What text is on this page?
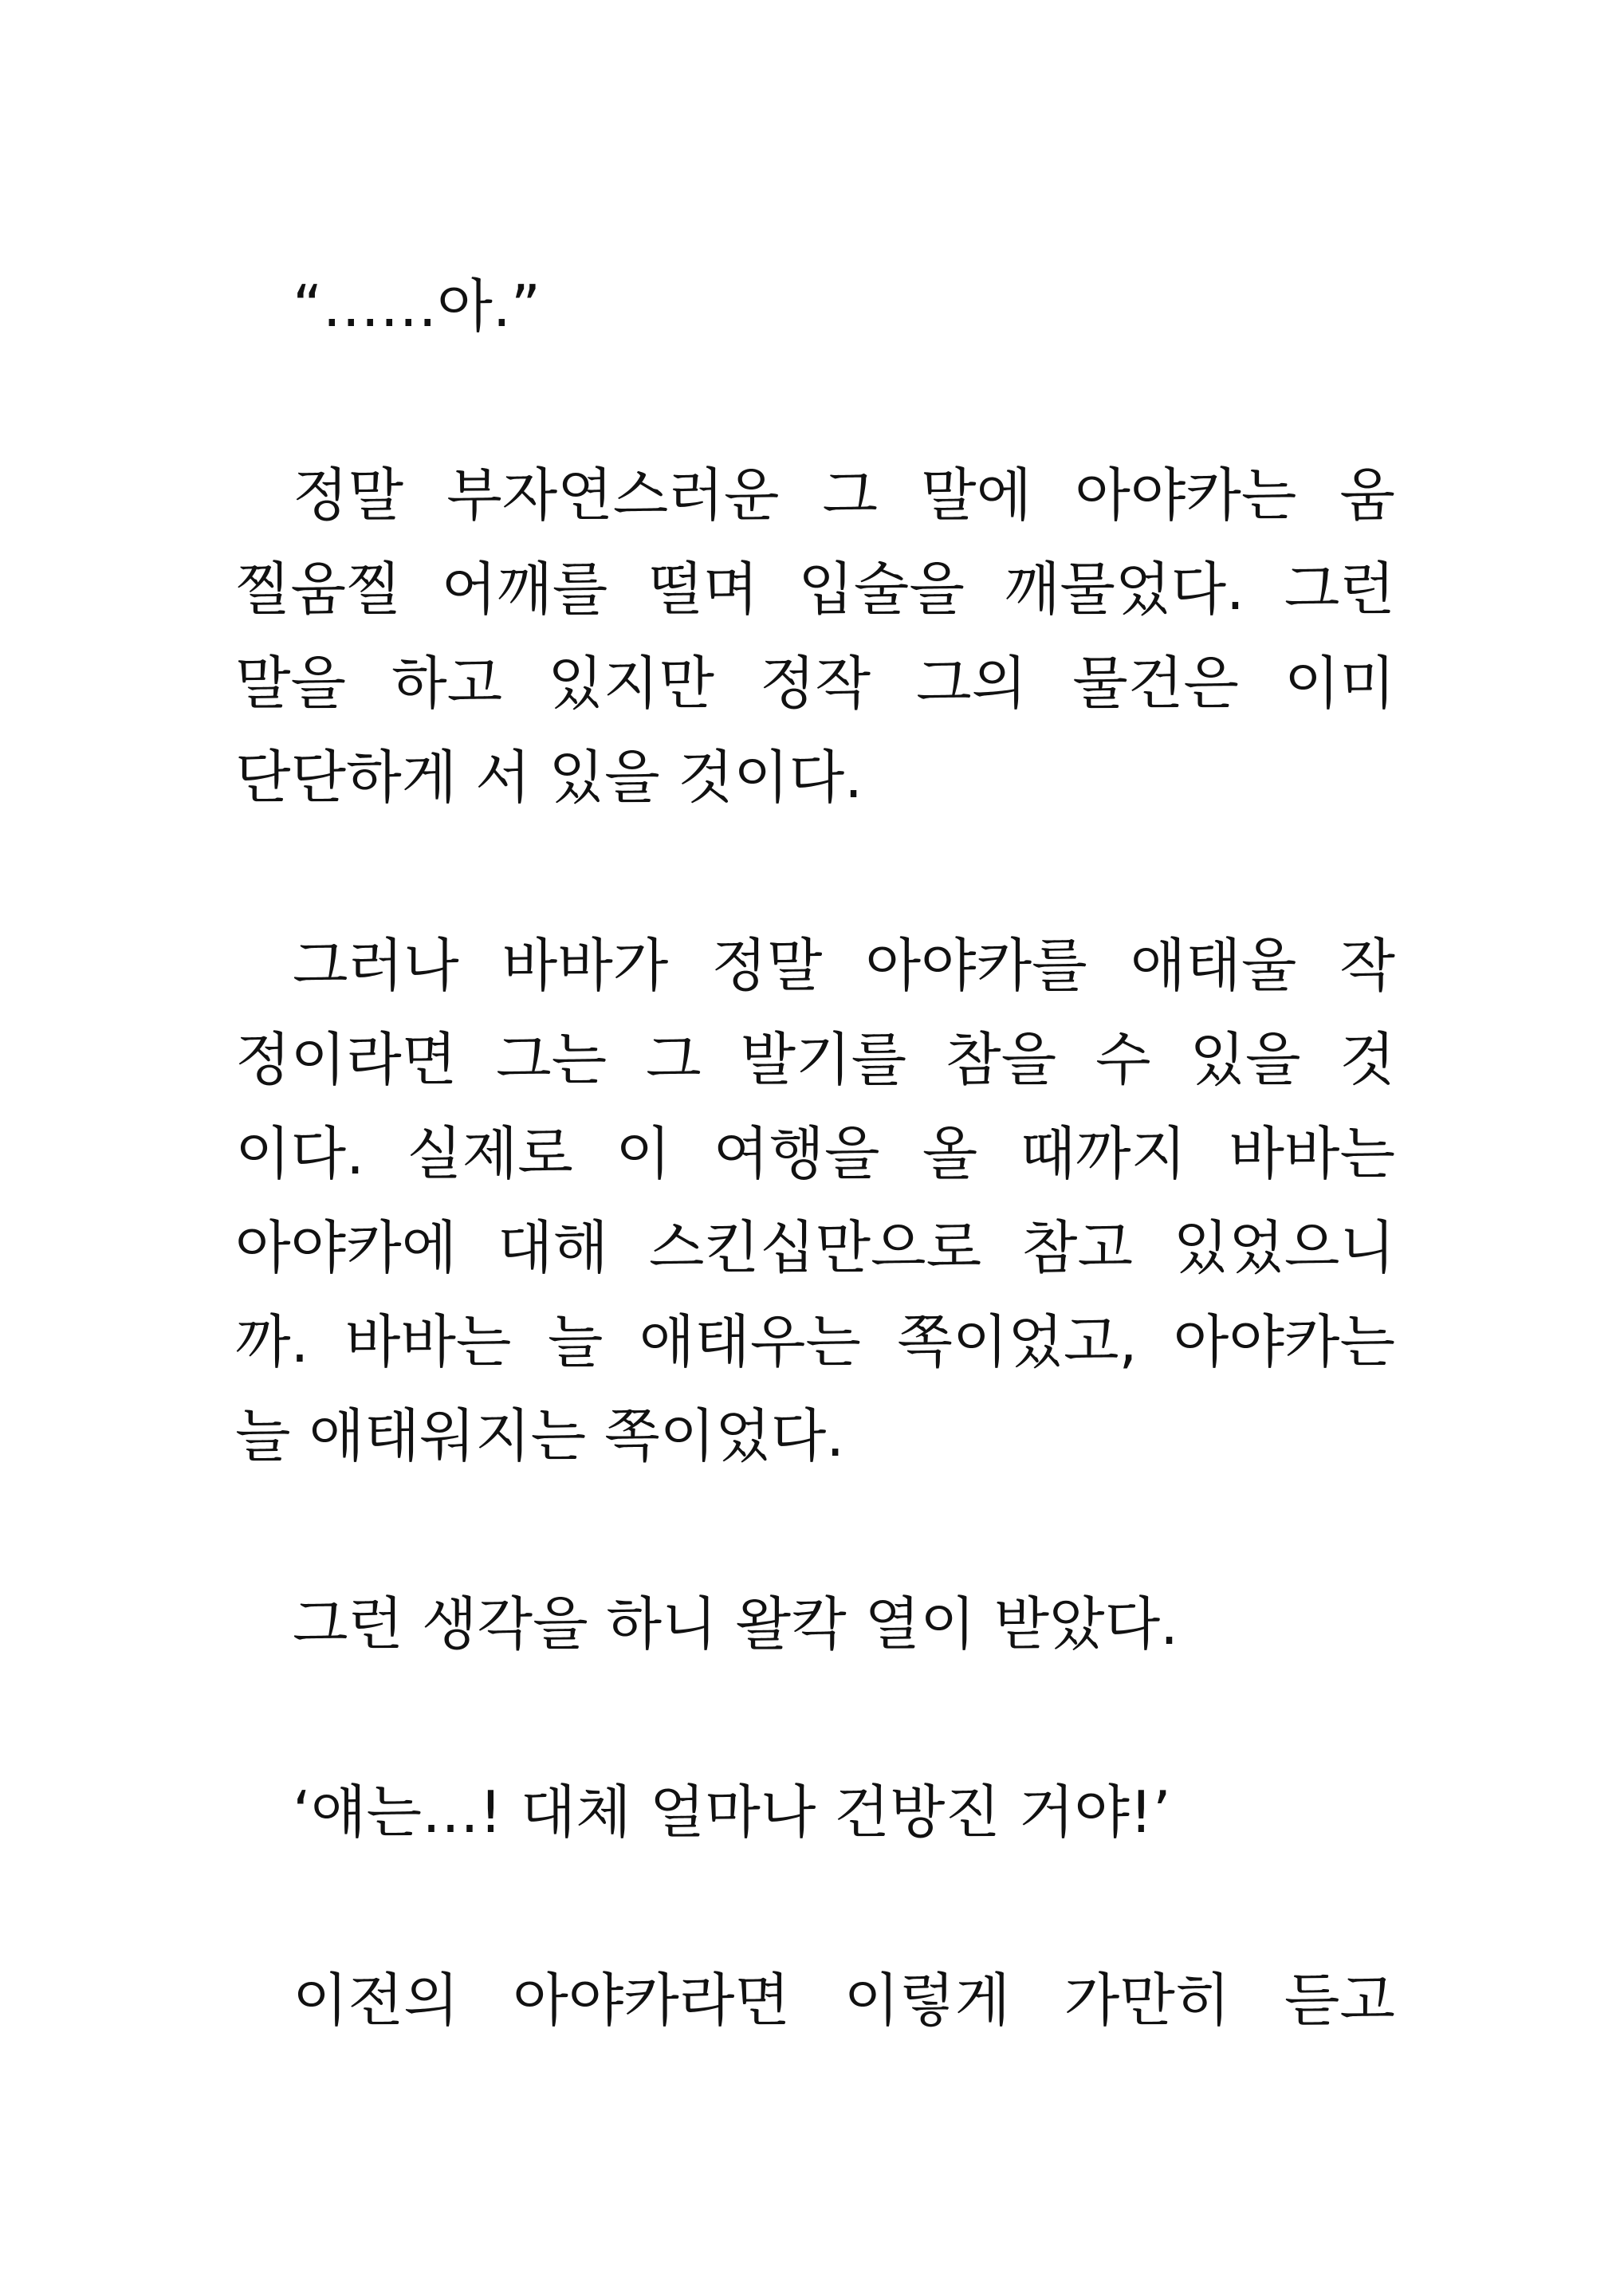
“……아.”
정말 부자연스러운 그 말에 아야카는 움
찔움찔 어깨를 떨며 입술을 깨물었다. 그런
말을 하고 있지만 정작 그의 물건은 이미
단단하게 서 있을 것이다.
그러나 바바가 정말 아야카를 애태울 작
정이라면 그는 그 발기를 참을 수 있을 것
이다. 실제로 이 여행을 올 때까지 바바는
아야카에 대해 스킨십만으로 참고 있었으니
까. 바바는 늘 애태우는 쪽이었고, 아야카는
늘 애태워지는 쪽이었다.
그런 생각을 하니 왈칵 열이 받았다.
‘얘는…! 대체 얼마나 건방진 거야!’
이전의 아야카라면 이렇게 가만히 듣고
